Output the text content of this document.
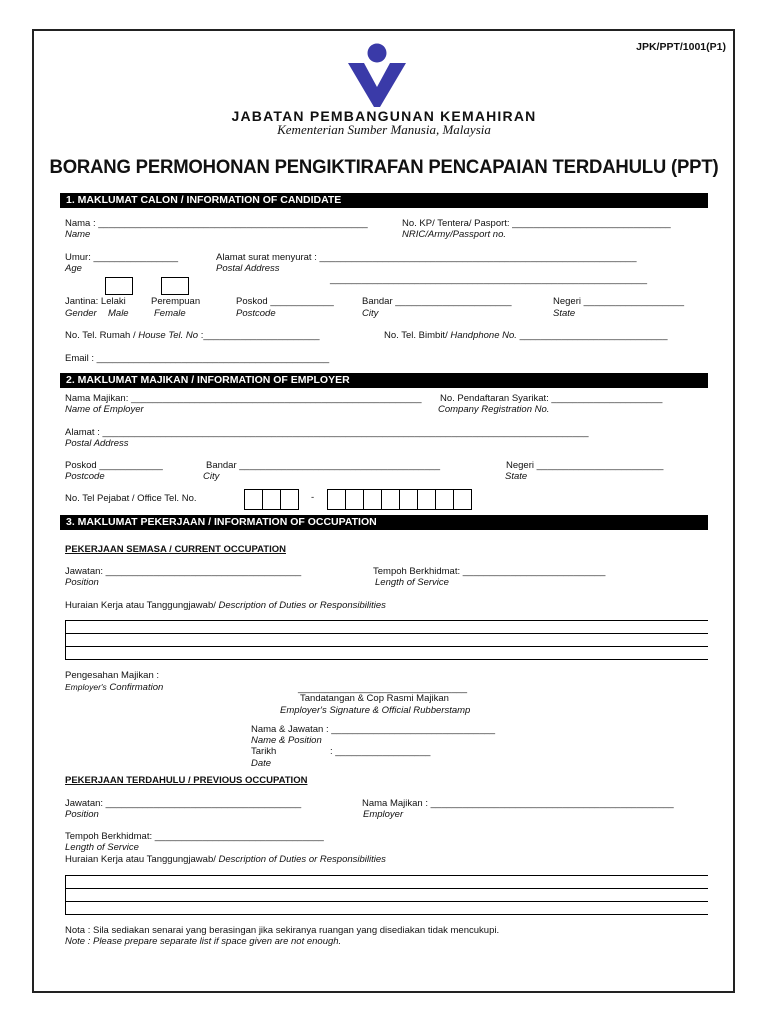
JPK/PPT/1001(P1)
JABATAN PEMBANGUNAN KEMAHIRAN
Kementerian Sumber Manusia, Malaysia
BORANG PERMOHONAN PENGIKTIRAFAN PENCAPAIAN TERDAHULU (PPT)
1. MAKLUMAT CALON / INFORMATION OF CANDIDATE
Nama : ___________________________________________________
Name
No. KP/ Tentera/ Pasport: ______________________________
NRIC/Army/Passport no.
Umur: ________________
Age
Alamat surat menyurat : ____________________________________________________________
Postal Address
____________________________________________________________
Jantina: Lelaki
Gender Male
Perempuan
Female
Poskod ____________
Postcode
Bandar ______________________
City
Negeri ___________________
State
No. Tel. Rumah / House Tel. No :______________________	No. Tel. Bimbit/ Handphone No. ____________________________
Email : ____________________________________________
2. MAKLUMAT MAJIKAN / INFORMATION OF EMPLOYER
Nama Majikan: _______________________________________________________
Name of Employer
No. Pendaftaran Syarikat: _____________________
Company Registration No.
Alamat : ____________________________________________________________________________________________
Postal Address
Poskod ____________
Postcode
Bandar ______________________________________
City
Negeri ________________________
State
No. Tel Pejabat / Office Tel. No.	-
3. MAKLUMAT PEKERJAAN / INFORMATION OF OCCUPATION
PEKERJAAN SEMASA / CURRENT OCCUPATION
Jawatan: _____________________________________
Position
Tempoh Berkhidmat: ___________________________
Length of Service
Huraian Kerja atau Tanggungjawab/ Description of Duties or Responsibilities
Pengesahan Majikan :
Employer's Confirmation	________________________________
Tandatangan & Cop Rasmi Majikan
Employer's Signature & Official Rubberstamp
Nama & Jawatan : _______________________________
Name & Position
Tarikh	: __________________
Date
PEKERJAAN TERDAHULU / PREVIOUS OCCUPATION
Jawatan: _____________________________________
Position
Nama Majikan : ______________________________________________
Employer
Tempoh Berkhidmat: ________________________________
Length of Service
Huraian Kerja atau Tanggungjawab/ Description of Duties or Responsibilities
Nota : Sila sediakan senarai yang berasingan jika sekiranya ruangan yang disediakan tidak mencukupi.
Note : Please prepare separate list if space given are not enough.
